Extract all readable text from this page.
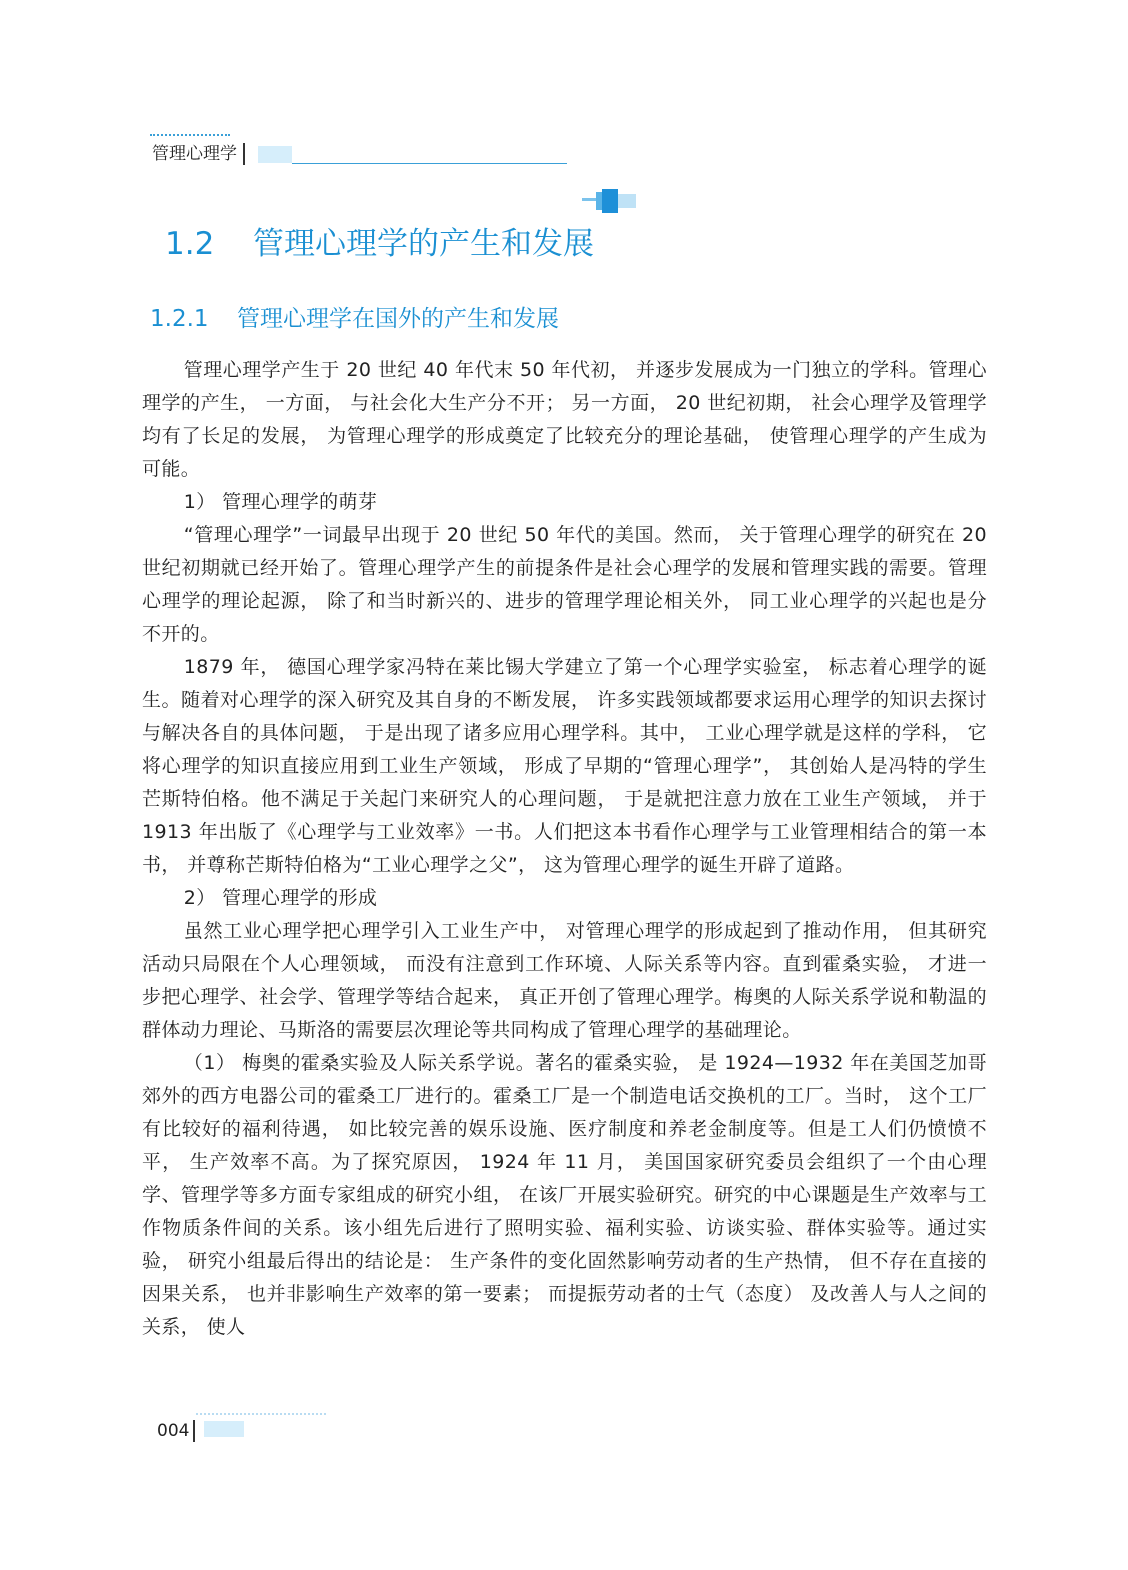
管理心理学
1.2 管理心理学的产生和发展
1.2.1 管理心理学在国外的产生和发展

管理心理学产生于 20 世纪 40 年代末 50 年代初， 并逐步发展成为一门独立的学科。管理心理学的产生， 一方面， 与社会化大生产分不开； 另一方面， 20 世纪初期， 社会心理学及管理学均有了长足的发展， 为管理心理学的形成奠定了比较充分的理论基础， 使管理心理学的产生成为可能。

1） 管理心理学的萌芽

“管理心理学”一词最早出现于 20 世纪 50 年代的美国。然而， 关于管理心理学的研究在 20 世纪初期就已经开始了。管理心理学产生的前提条件是社会心理学的发展和管理实践的需要。管理心理学的理论起源， 除了和当时新兴的、进步的管理学理论相关外， 同工业心理学的兴起也是分不开的。

1879 年， 德国心理学家冯特在莱比锡大学建立了第一个心理学实验室， 标志着心理学的诞生。随着对心理学的深入研究及其自身的不断发展， 许多实践领域都要求运用心理学的知识去探讨与解决各自的具体问题， 于是出现了诸多应用心理学科。其中， 工业心理学就是这样的学科， 它将心理学的知识直接应用到工业生产领域， 形成了早期的“管理心理学”， 其创始人是冯特的学生芒斯特伯格。他不满足于关起门来研究人的心理问题， 于是就把注意力放在工业生产领域， 并于 1913 年出版了《心理学与工业效率》一书。人们把这本书看作心理学与工业管理相结合的第一本书， 并尊称芒斯特伯格为“工业心理学之父”， 这为管理心理学的诞生开辟了道路。

2） 管理心理学的形成

虽然工业心理学把心理学引入工业生产中， 对管理心理学的形成起到了推动作用， 但其研究活动只局限在个人心理领域， 而没有注意到工作环境、人际关系等内容。直到霍桑实验， 才进一步把心理学、社会学、管理学等结合起来， 真正开创了管理心理学。梅奥的人际关系学说和勒温的群体动力理论、马斯洛的需要层次理论等共同构成了管理心理学的基础理论。

（1） 梅奥的霍桑实验及人际关系学说。著名的霍桑实验， 是 1924—1932 年在美国芝加哥郊外的西方电器公司的霍桑工厂进行的。霍桑工厂是一个制造电话交换机的工厂。当时， 这个工厂有比较好的福利待遇， 如比较完善的娱乐设施、医疗制度和养老金制度等。但是工人们仍愤愤不平， 生产效率不高。为了探究原因， 1924 年 11 月， 美国国家研究委员会组织了一个由心理学、管理学等多方面专家组成的研究小组， 在该厂开展实验研究。研究的中心课题是生产效率与工作物质条件间的关系。该小组先后进行了照明实验、福利实验、访谈实验、群体实验等。通过实验， 研究小组最后得出的结论是： 生产条件的变化固然影响劳动者的生产热情， 但不存在直接的因果关系， 也并非影响生产效率的第一要素； 而提振劳动者的士气（态度） 及改善人与人之间的关系， 使人

004
